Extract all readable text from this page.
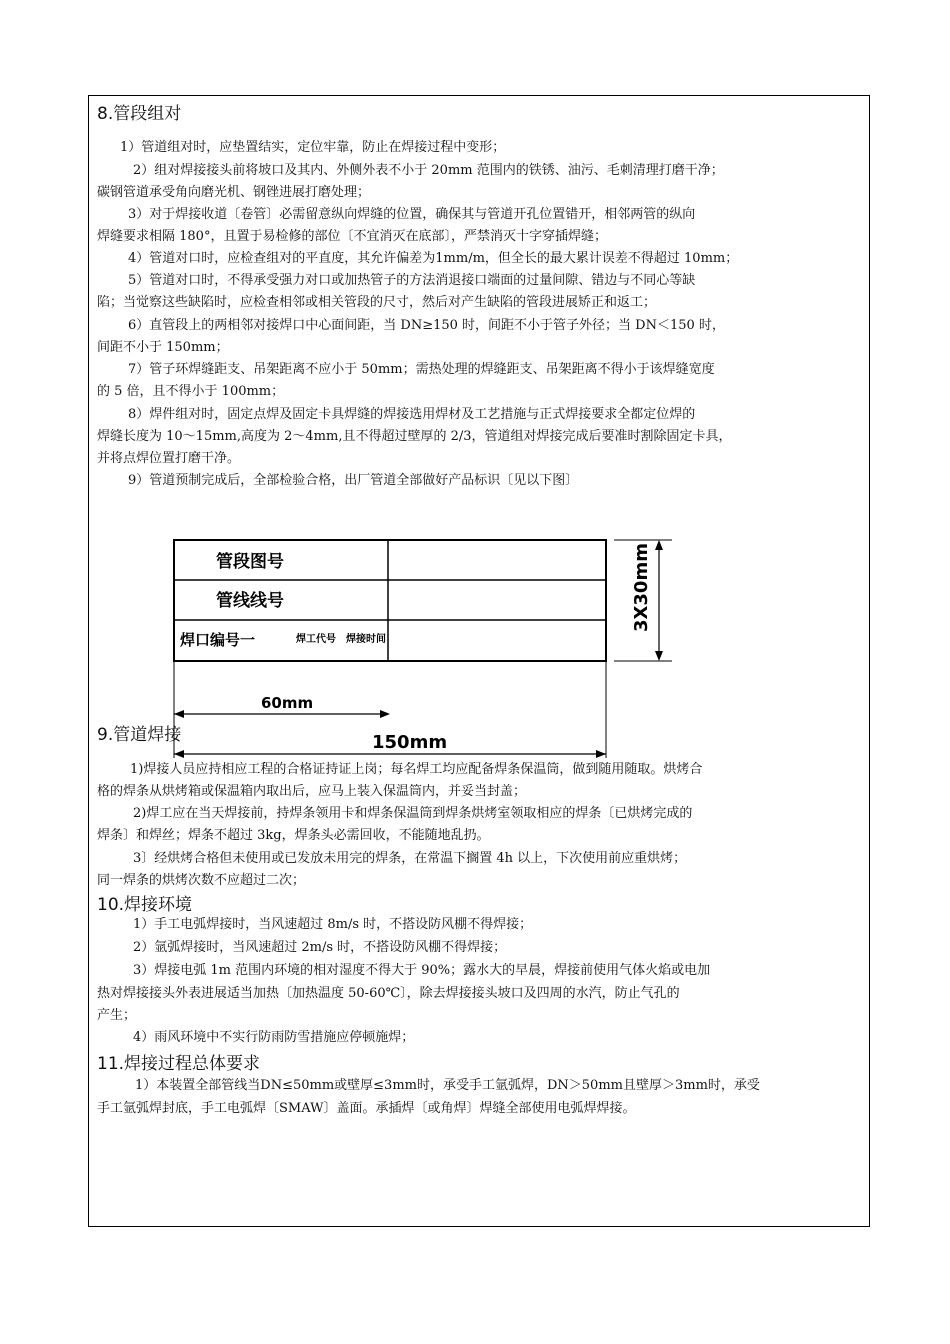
8.管段组对
1）管道组对时，应垫置结实，定位牢靠，防止在焊接过程中变形；
2）组对焊接接头前将坡口及其内、外侧外表不小于 20mm 范围内的铁锈、油污、毛刺清理打磨干净；
碳钢管道承受角向磨光机、钢锉进展打磨处理；
3）对于焊接收道〔卷管〕必需留意纵向焊缝的位置，确保其与管道开孔位置错开，相邻两管的纵向
焊缝要求相隔 180°，且置于易检修的部位〔不宜消灭在底部〕，严禁消灭十字穿插焊缝；
4）管道对口时，应检查组对的平直度，其允许偏差为1mm/m，但全长的最大累计误差不得超过 10mm；
5）管道对口时，不得承受强力对口或加热管子的方法消退接口端面的过量间隙、错边与不同心等缺
陷；当觉察这些缺陷时，应检查相邻或相关管段的尺寸，然后对产生缺陷的管段进展矫正和返工；
6）直管段上的两相邻对接焊口中心面间距，当 DN≥150 时，间距不小于管子外径；当 DN＜150 时，
间距不小于 150mm；
7）管子环焊缝距支、吊架距离不应小于 50mm；需热处理的焊缝距支、吊架距离不得小于该焊缝宽度
的 5 倍，且不得小于 100mm；
8）焊件组对时，固定点焊及固定卡具焊缝的焊接选用焊材及工艺措施与正式焊接要求全都定位焊的
焊缝长度为 10～15mm,高度为 2～4mm,且不得超过壁厚的 2/3，管道组对焊接完成后要准时割除固定卡具，
并将点焊位置打磨干净。
9）管道预制完成后，全部检验合格，出厂管道全部做好产品标识〔见以下图〕
管段图号
管线线号
焊口编号一	焊工代号 焊接时间
3X30mm
60mm
150mm
9.管道焊接
1)焊接人员应持相应工程的合格证持证上岗；每名焊工均应配备焊条保温筒，做到随用随取。烘烤合
格的焊条从烘烤箱或保温箱内取出后，应马上装入保温筒内，并妥当封盖；
2)焊工应在当天焊接前，持焊条领用卡和焊条保温筒到焊条烘烤室领取相应的焊条〔已烘烤完成的
焊条〕和焊丝；焊条不超过 3kg，焊条头必需回收，不能随地乱扔。
3〕经烘烤合格但未使用或已发放未用完的焊条，在常温下搁置 4h 以上，下次使用前应重烘烤；
同一焊条的烘烤次数不应超过二次；
10.焊接环境
1）手工电弧焊接时，当风速超过 8m/s 时，不搭设防风棚不得焊接；
2）氩弧焊接时，当风速超过 2m/s 时，不搭设防风棚不得焊接；
3）焊接电弧 1m 范围内环境的相对湿度不得大于 90%；露水大的早晨，焊接前使用气体火焰或电加
热对焊接接头外表进展适当加热〔加热温度 50-60℃〕，除去焊接接头坡口及四周的水汽，防止气孔的
产生；
4）雨风环境中不实行防雨防雪措施应停顿施焊；
11.焊接过程总体要求
1）本装置全部管线当DN≤50mm或壁厚≤3mm时，承受手工氩弧焊，DN＞50mm且壁厚＞3mm时，承受
手工氩弧焊封底，手工电弧焊〔SMAW〕盖面。承插焊〔或角焊〕焊缝全部使用电弧焊焊接。
